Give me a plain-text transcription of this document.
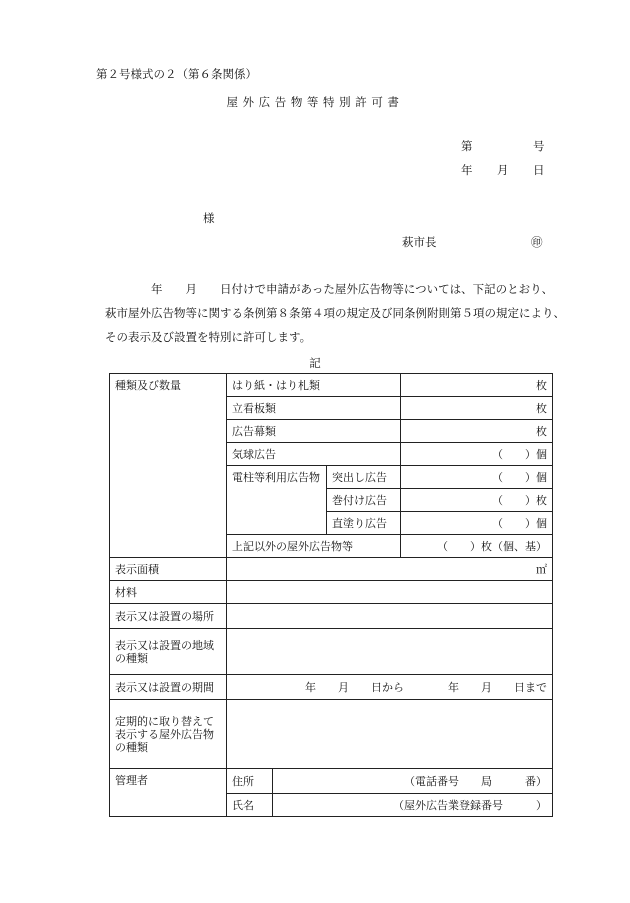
第２号様式の２（第６条関係）
屋外広告物等特別許可書
第	号
年 月 日
様
萩市長	㊞
　　　　年　　月　　日付けで申請があった屋外広告物等については、下記のとおり、
萩市屋外広告物等に関する条例第８条第４項の規定及び同条例附則第５項の規定により、
その表示及び設置を特別に許可します。
記
種類及び数量	はり紙・はり札類			枚
	立看板類			枚
	広告幕類			枚
	気球広告			（　　）個
	電柱等利用広告物		突出し広告	（　　）個
			巻付け広告	（　　）枚
			直塗り広告	（　　）個
	上記以外の屋外広告物等			（　　）枚（個、基）
表示面積	㎡			
材料				
表示又は設置の場所				
表示又は設置の地域の種類				
表示又は設置の期間	年　　月　　日から　　　　年　　月　　日まで			
定期的に取り替えて表示する屋外広告物の種類				
管理者	住所	（電話番号　　局　　　番）		
	氏名	（屋外広告業登録番号　　　）		
